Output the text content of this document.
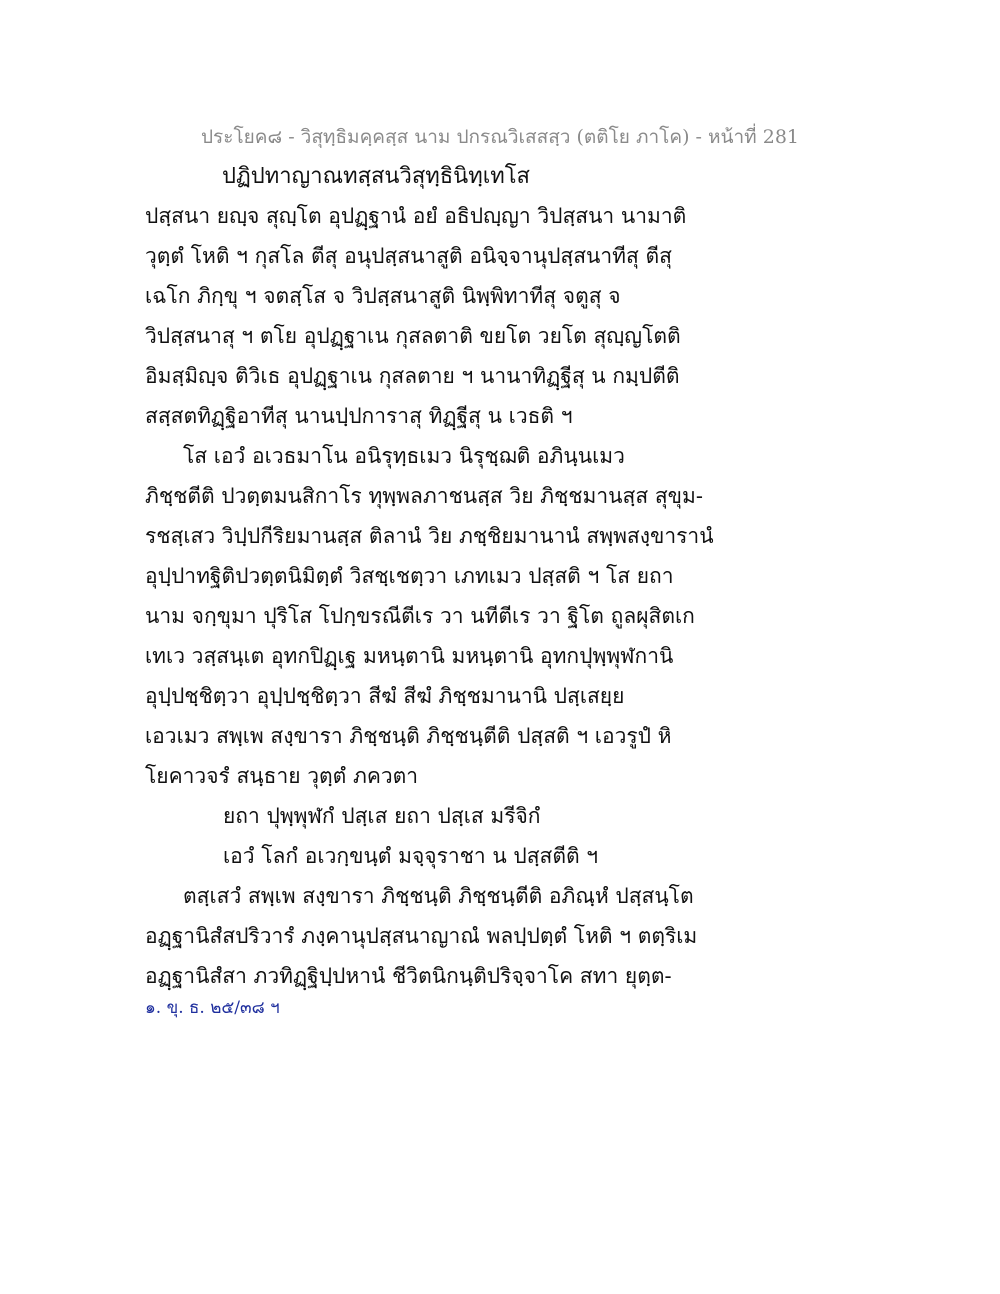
ประโยค๘ - วิสุทฺธิมคฺคสฺส นาม ปกรณวิเสสสฺว (ตติโย ภาโค) - หน้าที่ 281
ปฏิปทาญาณทสฺสนวิสุทฺธินิทฺเทโส
ปสฺสนา ยญฺจ สุญฺโต อุปฏฺฐานํ อยํ อธิปญฺญา วิปสฺสนา นามาติ
วุตฺตํ โหติ ฯ กุสโล ตีสุ อนุปสฺสนาสูติ อนิจฺจานุปสฺสนาทีสุ ตีสุ
เฉโก ภิกฺขุ ฯ จตสฺโส จ วิปสฺสนาสูติ นิพฺพิทาทีสุ จตูสุ จ
วิปสฺสนาสุ ฯ ตโย อุปฏฺฐาเน กุสลตาติ ขยโต วยโต สุญฺญโตติ
อิมสฺมิญฺจ ติวิเธ อุปฏฺฐาเน กุสลตาย ฯ นานาทิฏฺฐีสุ น กมฺปตีติ
สสฺสตทิฏฺฐิอาทีสุ นานปฺปการาสุ ทิฏฺฐีสุ น เวธติ ฯ
โส เอวํ อเวธมาโน อนิรุทฺธเมว นิรุชฺฌติ อภินฺนเมว
ภิชฺชตีติ ปวตฺตมนสิกาโร ทุพฺพลภาชนสฺส วิย ภิชฺชมานสฺส สุขุม-
รชสฺเสว วิปฺปกีริยมานสฺส ติลานํ วิย ภชฺชิยมานานํ สพฺพสงฺขารานํ
อุปฺปาทฐิติปวตฺตนิมิตฺตํ วิสชฺเชตฺวา เภทเมว ปสฺสติ ฯ โส ยถา
นาม จกฺขุมา ปุริโส โปกฺขรณีตีเร วา นทีตีเร วา ฐิโต ถูลผุสิตเก
เทเว วสฺสนฺเต อุทกปิฏฺเฐ มหนฺตานิ มหนฺตานิ อุทกปุพฺพุฬกานิ
อุปฺปชฺชิตฺวา อุปฺปชฺชิตฺวา สีฆํ สีฆํ ภิชฺชมานานิ ปสฺเสยฺย
เอวเมว สพฺเพ สงฺขารา ภิชฺชนฺติ ภิชฺชนฺตีติ ปสฺสติ ฯ เอวรูปํ หิ
โยคาวจรํ สนฺธาย วุตฺตํ ภควตา
ยถา ปุพฺพุฬกํ ปสฺเส ยถา ปสฺเส มรีจิกํ
เอวํ โลกํ อเวกฺขนฺตํ มจฺจุราชา น ปสฺสตีติ ฯ
ตสฺเสวํ สพฺเพ สงฺขารา ภิชฺชนฺติ ภิชฺชนฺตีติ อภิณฺหํ ปสฺสนฺโต
อฏฺฐานิสํสปริวารํ ภงฺคานุปสฺสนาญาณํ พลปฺปตฺตํ โหติ ฯ ตตฺริเม
อฏฺฐานิสํสา ภวทิฏฺฐิปฺปหานํ ชีวิตนิกนฺติปริจฺจาโค สทา ยุตฺต-
๑. ขุ. ธ. ๒๕/๓๘ ฯ
